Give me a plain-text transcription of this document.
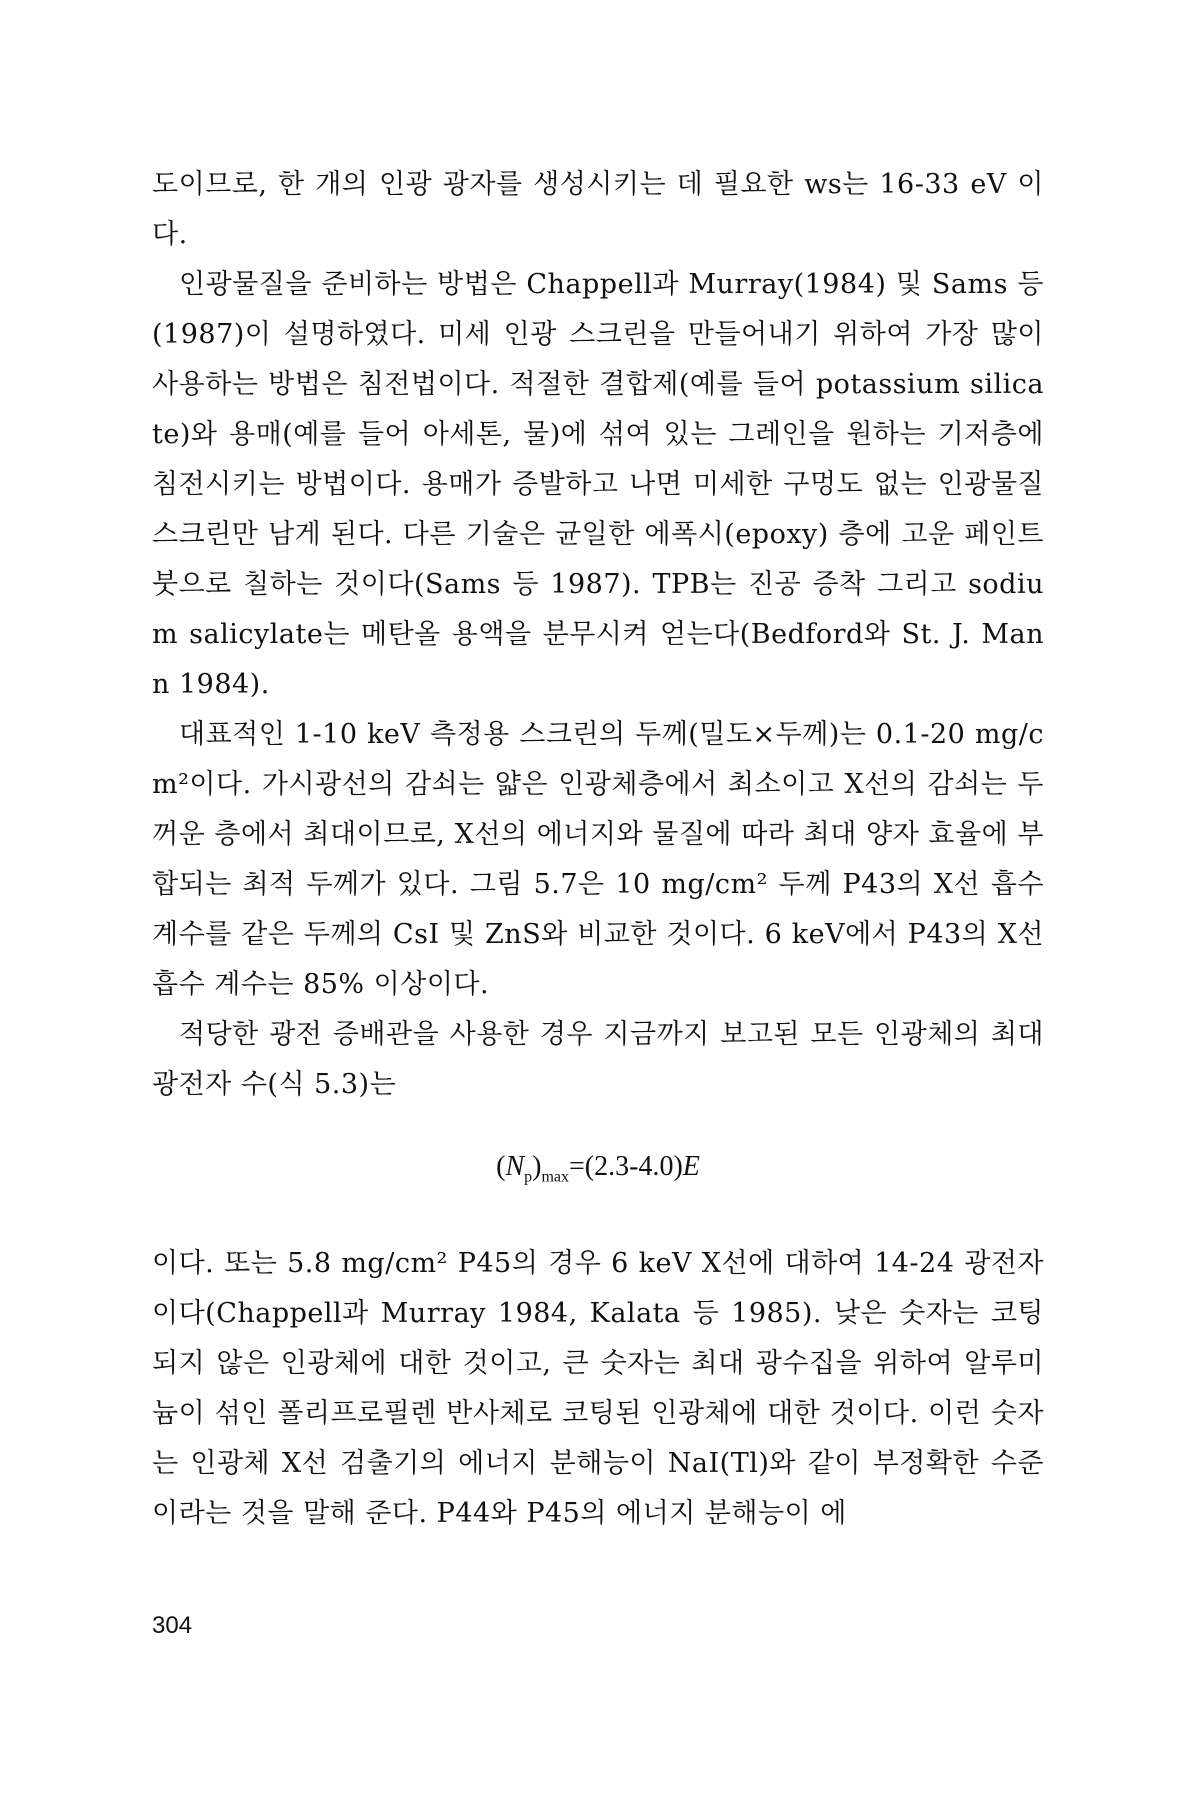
도이므로, 한 개의 인광 광자를 생성시키는 데 필요한 ws는 16-33 eV 이다.

인광물질을 준비하는 방법은 Chappell과 Murray(1984) 및 Sams 등 (1987)이 설명하였다. 미세 인광 스크린을 만들어내기 위하여 가장 많이 사용하는 방법은 침전법이다. 적절한 결합제(예를 들어 potassium silicate)와 용매(예를 들어 아세톤, 물)에 섞여 있는 그레인을 원하는 기저층에 침전시키는 방법이다. 용매가 증발하고 나면 미세한 구멍도 없는 인광물질 스크린만 남게 된다. 다른 기술은 균일한 에폭시(epoxy) 층에 고운 페인트 붓으로 칠하는 것이다(Sams 등 1987). TPB는 진공 증착 그리고 sodium salicylate는 메탄올 용액을 분무시켜 얻는다(Bedford와 St. J. Mann 1984).

대표적인 1-10 keV 측정용 스크린의 두께(밀도×두께)는 0.1-20 mg/cm²이다. 가시광선의 감쇠는 얇은 인광체층에서 최소이고 X선의 감쇠는 두꺼운 층에서 최대이므로, X선의 에너지와 물질에 따라 최대 양자 효율에 부합되는 최적 두께가 있다. 그림 5.7은 10 mg/cm² 두께 P43의 X선 흡수 계수를 같은 두께의 CsI 및 ZnS와 비교한 것이다. 6 keV에서 P43의 X선 흡수 계수는 85% 이상이다.

적당한 광전 증배관을 사용한 경우 지금까지 보고된 모든 인광체의 최대 광전자 수(식 5.3)는

$(N_p)_{max}=(2.3-4.0)E$

이다. 또는 5.8 mg/cm² P45의 경우 6 keV X선에 대하여 14-24 광전자이다(Chappell과 Murray 1984, Kalata 등 1985). 낮은 숫자는 코팅되지 않은 인광체에 대한 것이고, 큰 숫자는 최대 광수집을 위하여 알루미늄이 섞인 폴리프로필렌 반사체로 코팅된 인광체에 대한 것이다. 이런 숫자는 인광체 X선 검출기의 에너지 분해능이 NaI(Tl)와 같이 부정확한 수준이라는 것을 말해 준다. P44와 P45의 에너지 분해능이 에

304
